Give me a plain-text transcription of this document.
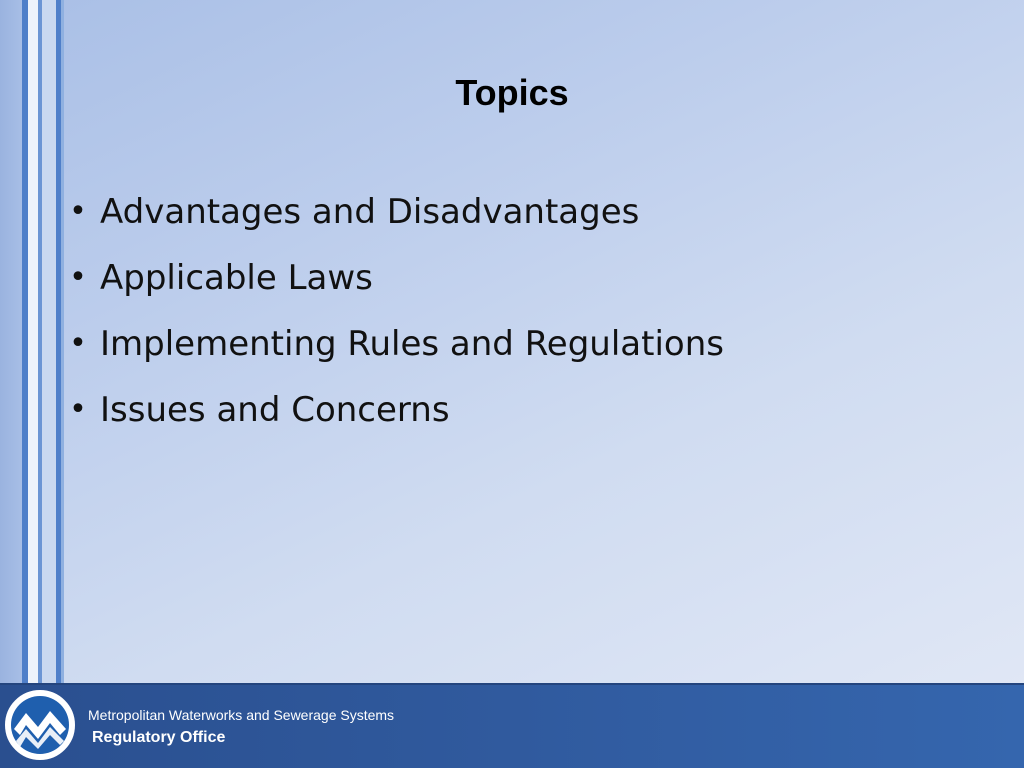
Topics
• Advantages and Disadvantages
• Applicable Laws
• Implementing Rules and Regulations
• Issues and Concerns
Metropolitan Waterworks and Sewerage Systems
Regulatory Office
